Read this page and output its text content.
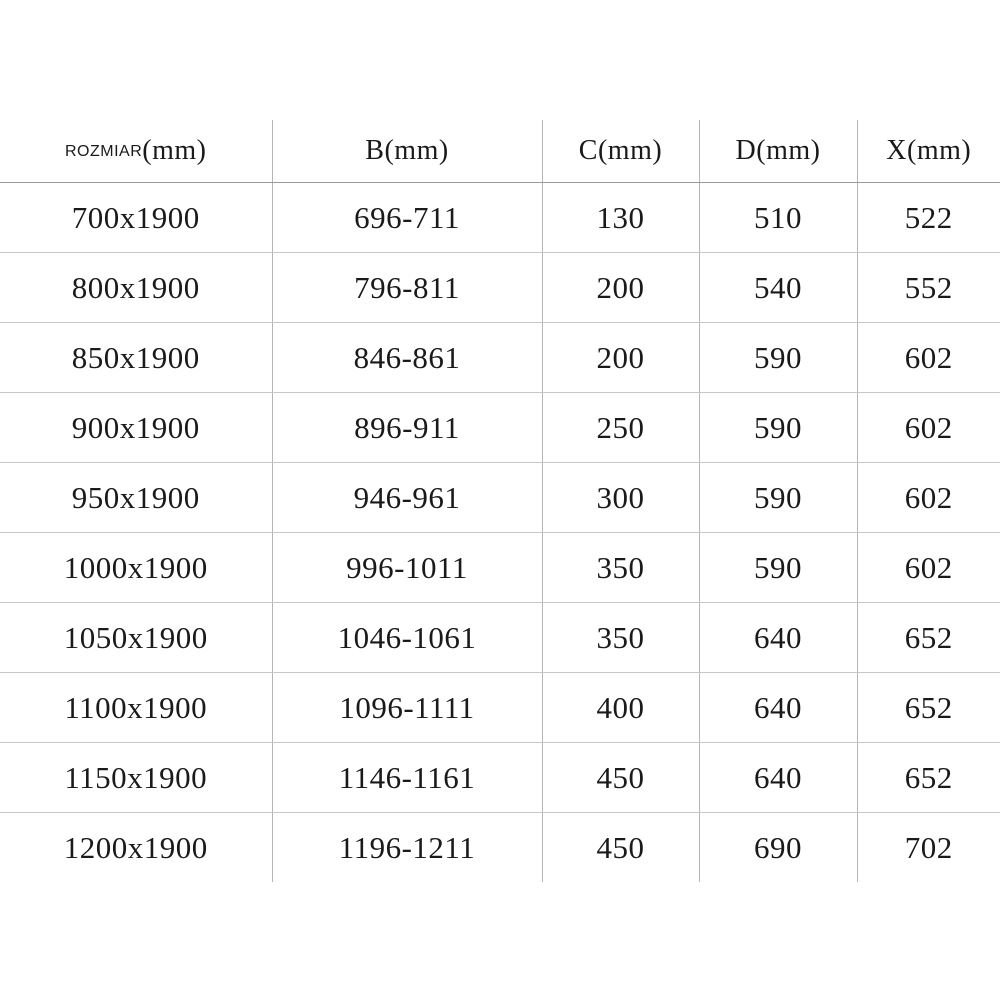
ROZMIAR(mm)	B(mm)	C(mm)	D(mm)	X(mm)
700x1900	696-711	130	510	522
800x1900	796-811	200	540	552
850x1900	846-861	200	590	602
900x1900	896-911	250	590	602
950x1900	946-961	300	590	602
1000x1900	996-1011	350	590	602
1050x1900	1046-1061	350	640	652
1100x1900	1096-1111	400	640	652
1150x1900	1146-1161	450	640	652
1200x1900	1196-1211	450	690	702
